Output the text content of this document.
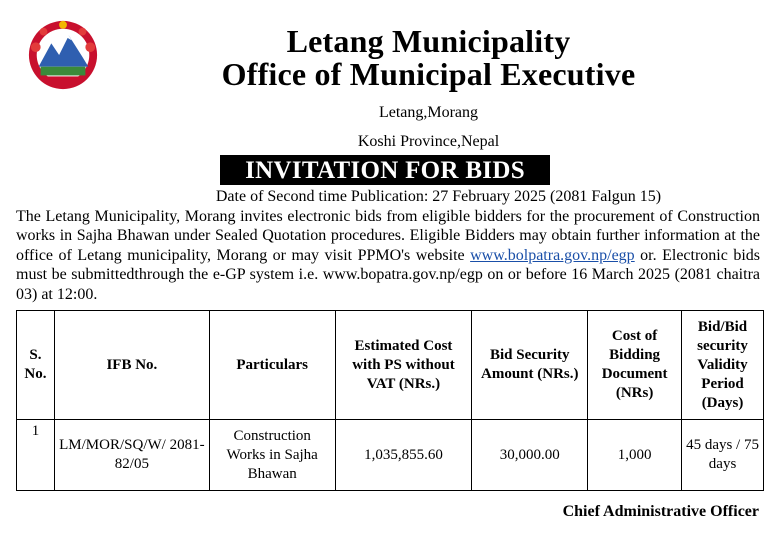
Letang Municipality
Office of Municipal Executive
Letang,Morang
Koshi Province,Nepal
INVITATION FOR BIDS
Date of Second time Publication: 27 February 2025 (2081 Falgun 15)
The Letang Municipality, Morang invites electronic bids from eligible bidders for the procurement of Construction works in Sajha Bhawan under Sealed Quotation procedures. Eligible Bidders may obtain further information at the office of Letang municipality, Morang or may visit PPMO's website www.bolpatra.gov.np/egp or. Electronic bids must be submittedthrough the e-GP system i.e. www.bopatra.gov.np/egp on or before 16 March 2025 (2081 chaitra 03) at 12:00.
S. No.	IFB No.	Particulars	Estimated Cost with PS without VAT (NRs.)	Bid Security Amount (NRs.)	Cost of Bidding Document (NRs)	Bid/Bid security Validity Period (Days)
1	LM/MOR/SQ/W/ 2081-82/05	Construction Works in Sajha Bhawan	1,035,855.60	30,000.00	1,000	45 days / 75 days
Chief Administrative Officer
